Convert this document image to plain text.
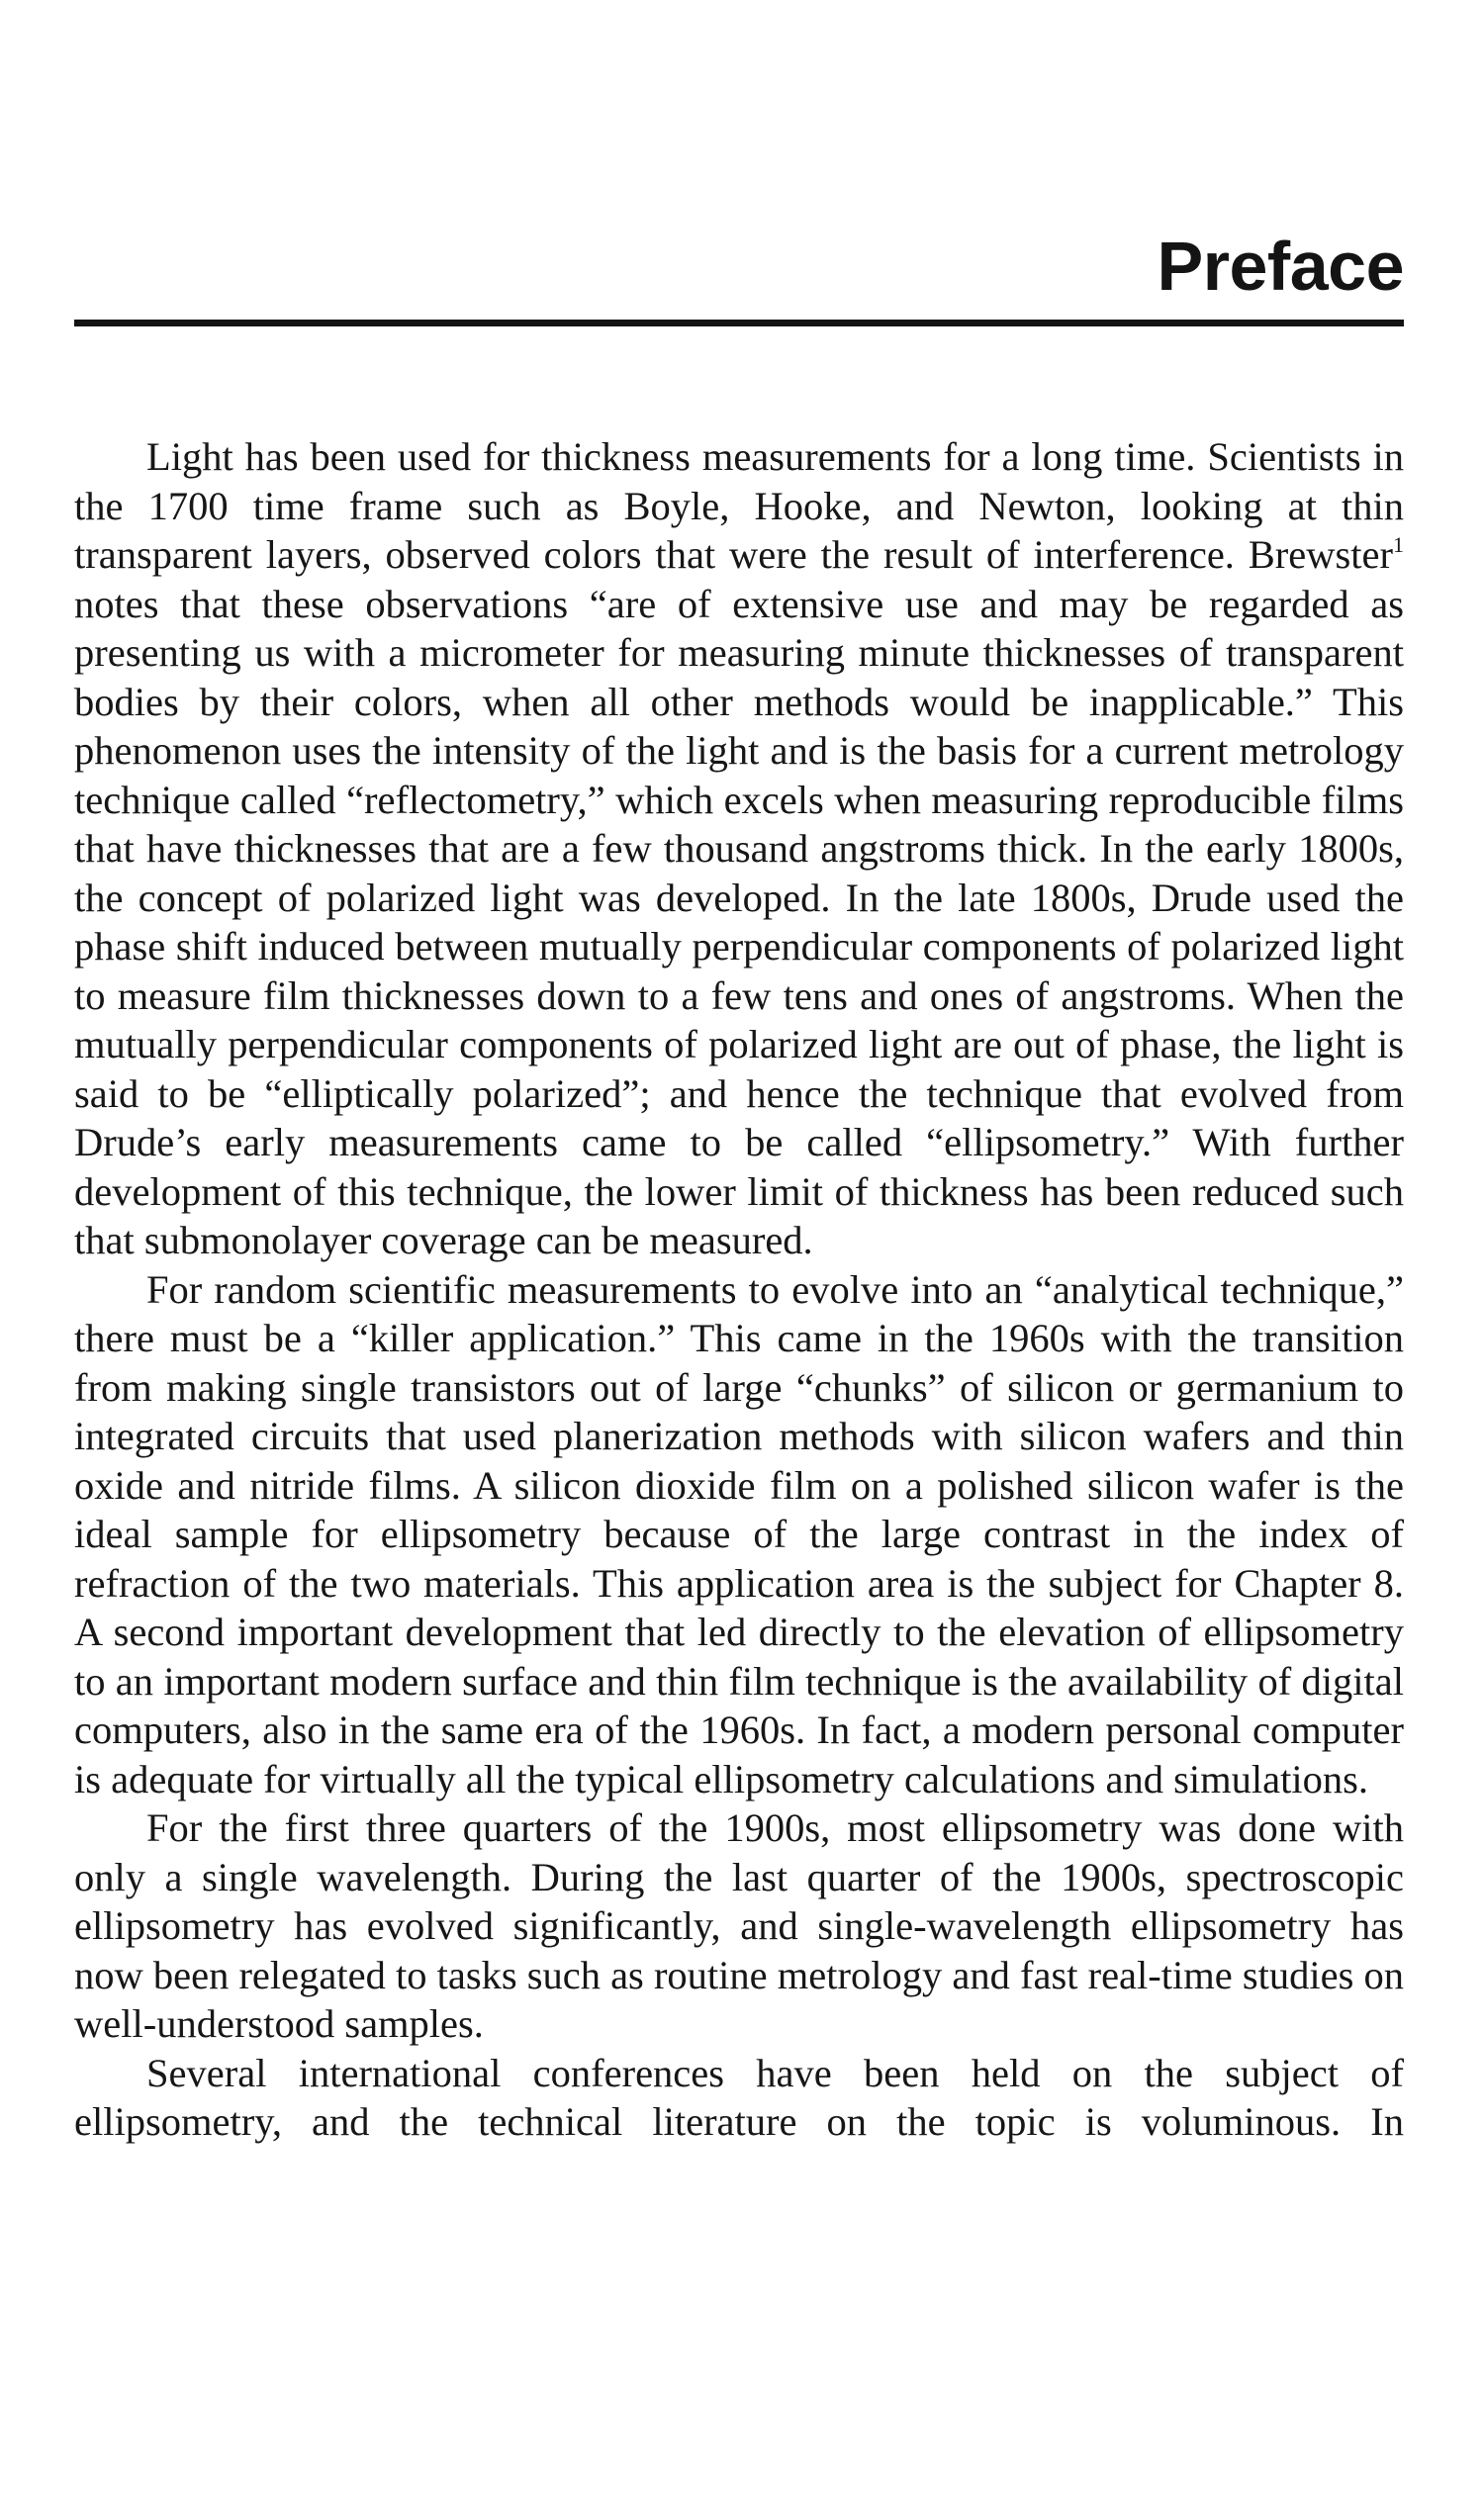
Preface

Light has been used for thickness measurements for a long time. Scientists in the 1700 time frame such as Boyle, Hooke, and Newton, looking at thin transparent layers, observed colors that were the result of interference. Brewster$^1$ notes that these observations “are of extensive use and may be regarded as presenting us with a micrometer for measuring minute thicknesses of transparent bodies by their colors, when all other methods would be inapplicable.” This phenomenon uses the intensity of the light and is the basis for a current metrology technique called “reflectometry,” which excels when measuring reproducible films that have thicknesses that are a few thousand angstroms thick. In the early 1800s, the concept of polarized light was developed. In the late 1800s, Drude used the phase shift induced between mutually perpendicular components of polarized light to measure film thicknesses down to a few tens and ones of angstroms. When the mutually perpendicular components of polarized light are out of phase, the light is said to be “elliptically polarized”; and hence the technique that evolved from Drude’s early measurements came to be called “ellipsometry.” With further development of this technique, the lower limit of thickness has been reduced such that submonolayer coverage can be measured.

For random scientific measurements to evolve into an “analytical technique,” there must be a “killer application.” This came in the 1960s with the transition from making single transistors out of large “chunks” of silicon or germanium to integrated circuits that used planerization methods with silicon wafers and thin oxide and nitride films. A silicon dioxide film on a polished silicon wafer is the ideal sample for ellipsometry because of the large contrast in the index of refraction of the two materials. This application area is the subject for Chapter 8. A second important development that led directly to the elevation of ellipsometry to an important modern surface and thin film technique is the availability of digital computers, also in the same era of the 1960s. In fact, a modern personal computer is adequate for virtually all the typical ellipsometry calculations and simulations.

For the first three quarters of the 1900s, most ellipsometry was done with only a single wavelength. During the last quarter of the 1900s, spectroscopic ellipsometry has evolved significantly, and single-wavelength ellipsometry has now been relegated to tasks such as routine metrology and fast real-time studies on well-understood samples.

Several international conferences have been held on the subject of ellipsometry, and the technical literature on the topic is voluminous. In
